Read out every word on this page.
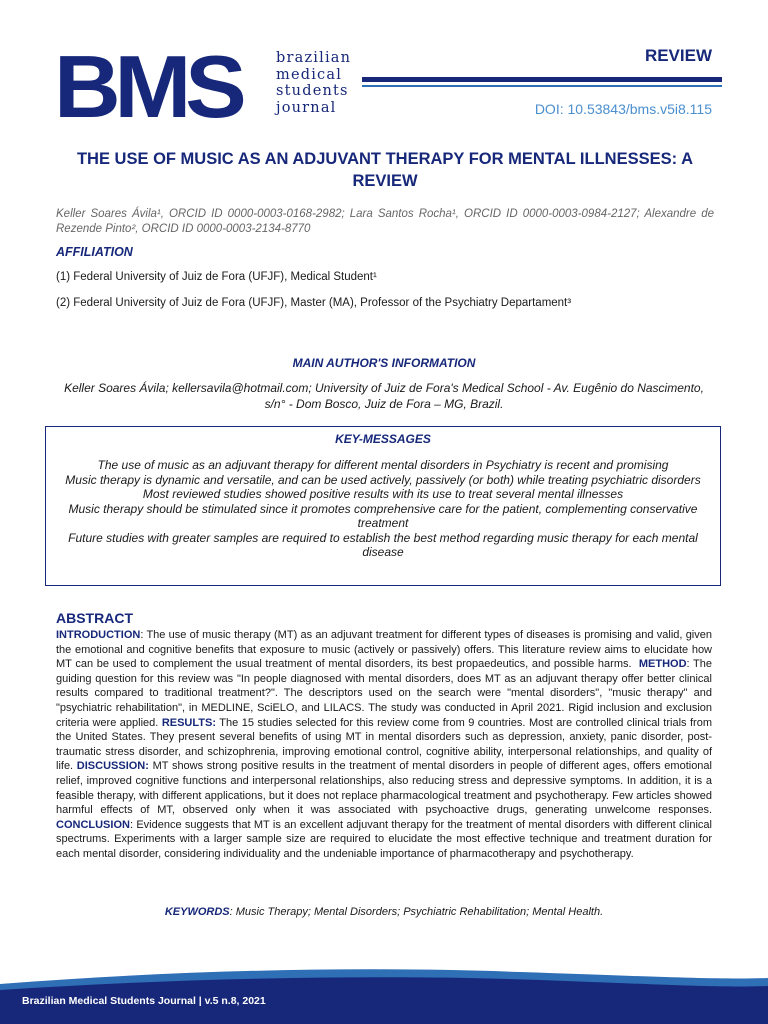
BMS brazilian
medical
students
journal
REVIEW
DOI: 10.53843/bms.v5i8.115
THE USE OF MUSIC AS AN ADJUVANT THERAPY FOR MENTAL ILLNESSES: A REVIEW
Keller Soares Ávila¹, ORCID ID 0000-0003-0168-2982; Lara Santos Rocha¹, ORCID ID 0000-0003-0984-2127; Alexandre de Rezende Pinto², ORCID ID 0000-0003-2134-8770
AFFILIATION
(1) Federal University of Juiz de Fora (UFJF), Medical Student¹
(2) Federal University of Juiz de Fora (UFJF), Master (MA), Professor of the Psychiatry Departament³
MAIN AUTHOR'S INFORMATION
Keller Soares Ávila; kellersavila@hotmail.com; University of Juiz de Fora's Medical School - Av. Eugênio do Nascimento, s/n° - Dom Bosco, Juiz de Fora – MG, Brazil.
KEY-MESSAGES
The use of music as an adjuvant therapy for different mental disorders in Psychiatry is recent and promising
Music therapy is dynamic and versatile, and can be used actively, passively (or both) while treating psychiatric disorders
Most reviewed studies showed positive results with its use to treat several mental illnesses
Music therapy should be stimulated since it promotes comprehensive care for the patient, complementing conservative treatment
Future studies with greater samples are required to establish the best method regarding music therapy for each mental disease
ABSTRACT

INTRODUCTION: The use of music therapy (MT) as an adjuvant treatment for different types of diseases is promising and valid, given the emotional and cognitive benefits that exposure to music (actively or passively) offers. This literature review aims to elucidate how MT can be used to complement the usual treatment of mental disorders, its best propaedeutics, and possible harms. METHOD: The guiding question for this review was "In people diagnosed with mental disorders, does MT as an adjuvant therapy offer better clinical results compared to traditional treatment?". The descriptors used on the search were "mental disorders", "music therapy" and "psychiatric rehabilitation", in MEDLINE, SciELO, and LILACS. The study was conducted in April 2021. Rigid inclusion and exclusion criteria were applied. RESULTS: The 15 studies selected for this review come from 9 countries. Most are controlled clinical trials from the United States. They present several benefits of using MT in mental disorders such as depression, anxiety, panic disorder, post-traumatic stress disorder, and schizophrenia, improving emotional control, cognitive ability, interpersonal relationships, and quality of life. DISCUSSION: MT shows strong positive results in the treatment of mental disorders in people of different ages, offers emotional relief, improved cognitive functions and interpersonal relationships, also reducing stress and depressive symptoms. In addition, it is a feasible therapy, with different applications, but it does not replace pharmacological treatment and psychotherapy. Few articles showed harmful effects of MT, observed only when it was associated with psychoactive drugs, generating unwelcome responses. CONCLUSION: Evidence suggests that MT is an excellent adjuvant therapy for the treatment of mental disorders with different clinical spectrums. Experiments with a larger sample size are required to elucidate the most effective technique and treatment duration for each mental disorder, considering individuality and the undeniable importance of pharmacotherapy and psychotherapy.

KEYWORDS: Music Therapy; Mental Disorders; Psychiatric Rehabilitation; Mental Health.
Brazilian Medical Students Journal | v.5 n.8, 2021
